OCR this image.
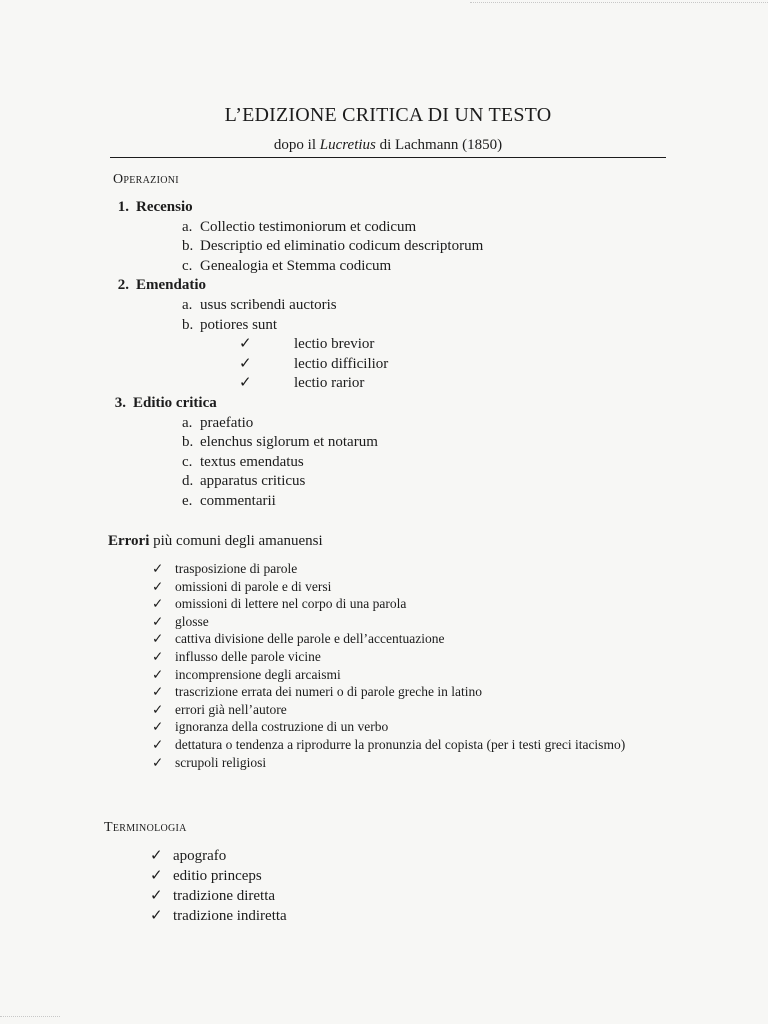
L’EDIZIONE CRITICA DI UN TESTO
dopo il Lucretius di Lachmann (1850)
Operazioni
1. Recensio
a. Collectio testimoniorum et codicum
b. Descriptio ed eliminatio codicum descriptorum
c. Genealogia et Stemma codicum
2. Emendatio
a. usus scribendi auctoris
b. potiores sunt
✓	lectio brevior
✓	lectio difficilior
✓	lectio rarior
3. Editio critica
a. praefatio
b. elenchus siglorum et notarum
c. textus emendatus
d. apparatus criticus
e. commentarii
Errori più comuni degli amanuensi
✓ trasposizione di parole
✓ omissioni di parole e di versi
✓ omissioni di lettere nel corpo di una parola
✓ glosse
✓ cattiva divisione delle parole e dell’accentuazione
✓ influsso delle parole vicine
✓ incomprensione degli arcaismi
✓ trascrizione errata dei numeri o di parole greche in latino
✓ errori già nell’autore
✓ ignoranza della costruzione di un verbo
✓ dettatura o tendenza a riprodurre la pronunzia del copista (per i testi greci itacismo)
✓ scrupoli religiosi
Terminologia
✓ apografo
✓ editio princeps
✓ tradizione diretta
✓ tradizione indiretta
